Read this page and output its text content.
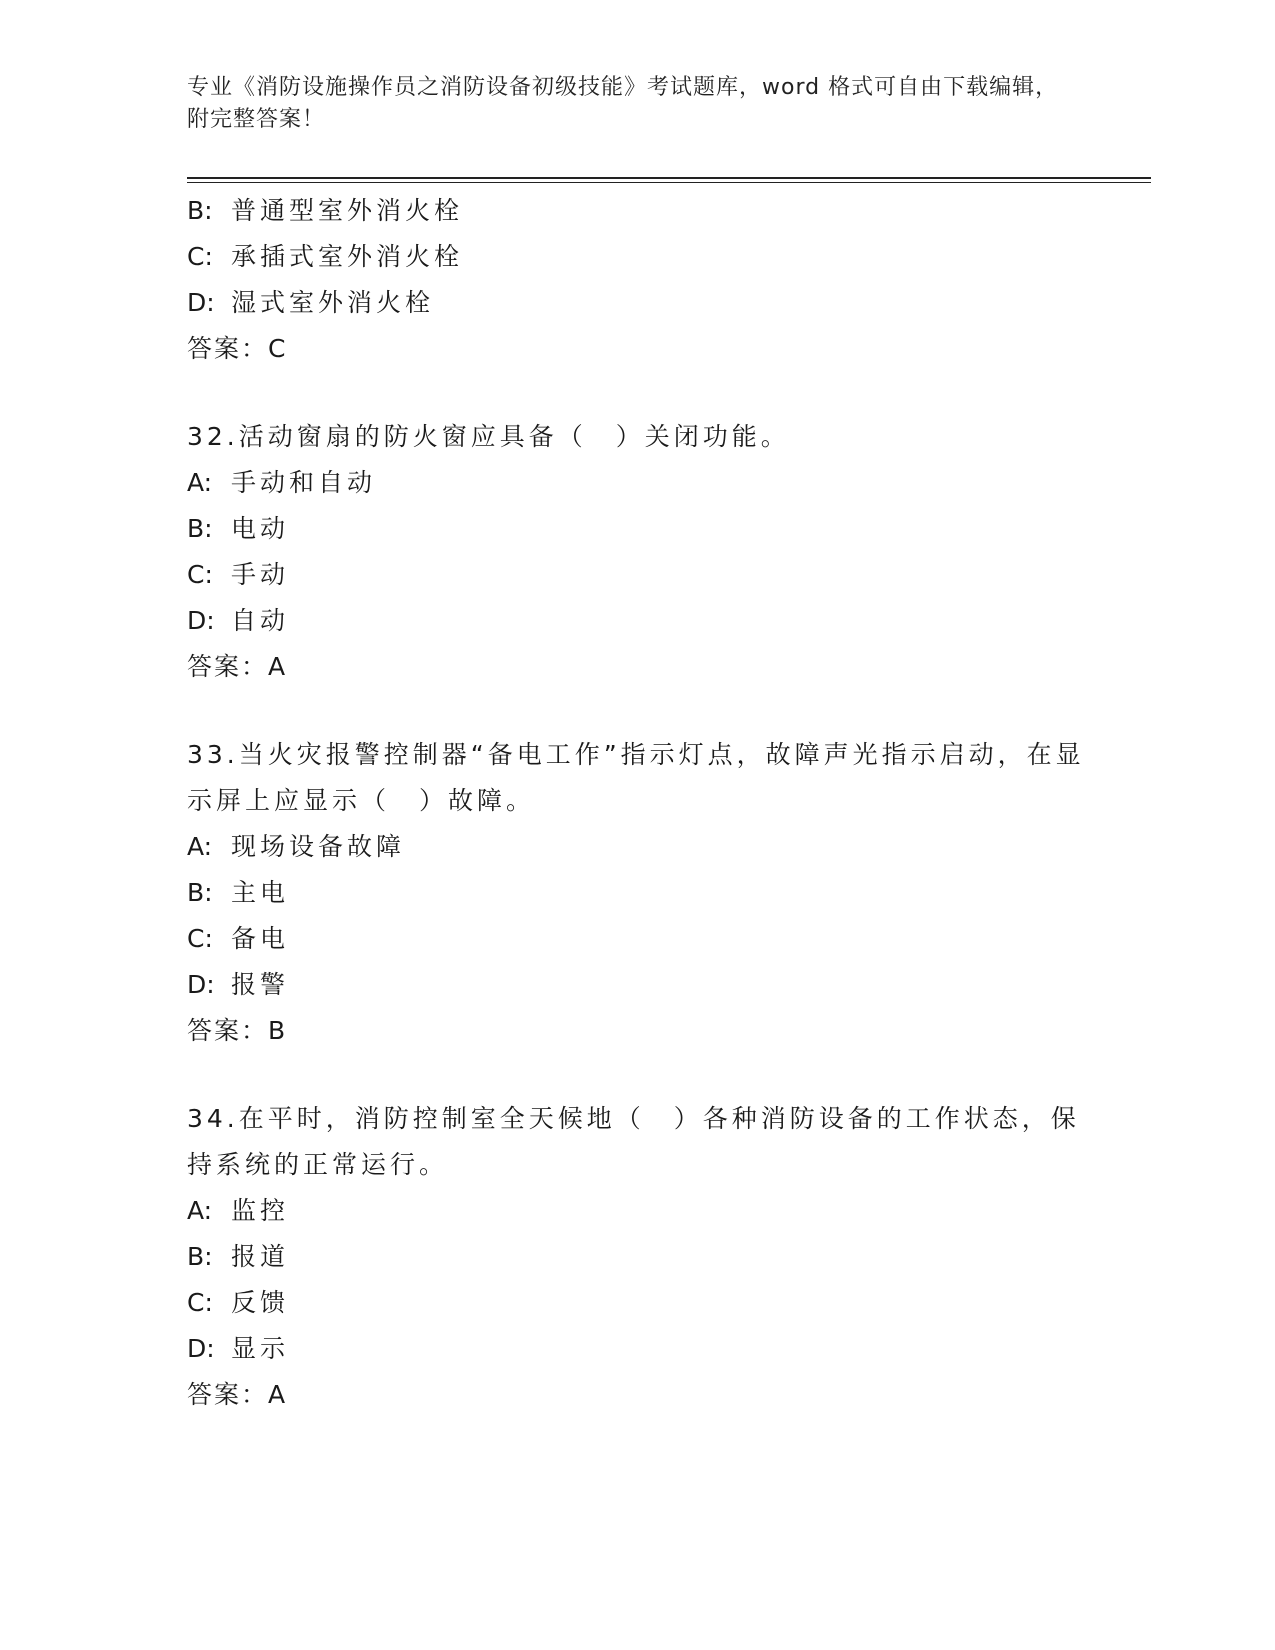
专业《消防设施操作员之消防设备初级技能》考试题库，word 格式可自由下载编辑，附完整答案！
B: 普通型室外消火栓
C: 承插式室外消火栓
D: 湿式室外消火栓
答案：C
32.活动窗扇的防火窗应具备（　）关闭功能。
A: 手动和自动
B: 电动
C: 手动
D: 自动
答案：A
33.当火灾报警控制器“备电工作”指示灯点，故障声光指示启动，在显示屏上应显示（　）故障。
A: 现场设备故障
B: 主电
C: 备电
D: 报警
答案：B
34.在平时，消防控制室全天候地（　）各种消防设备的工作状态，保持系统的正常运行。
A: 监控
B: 报道
C: 反馈
D: 显示
答案：A
